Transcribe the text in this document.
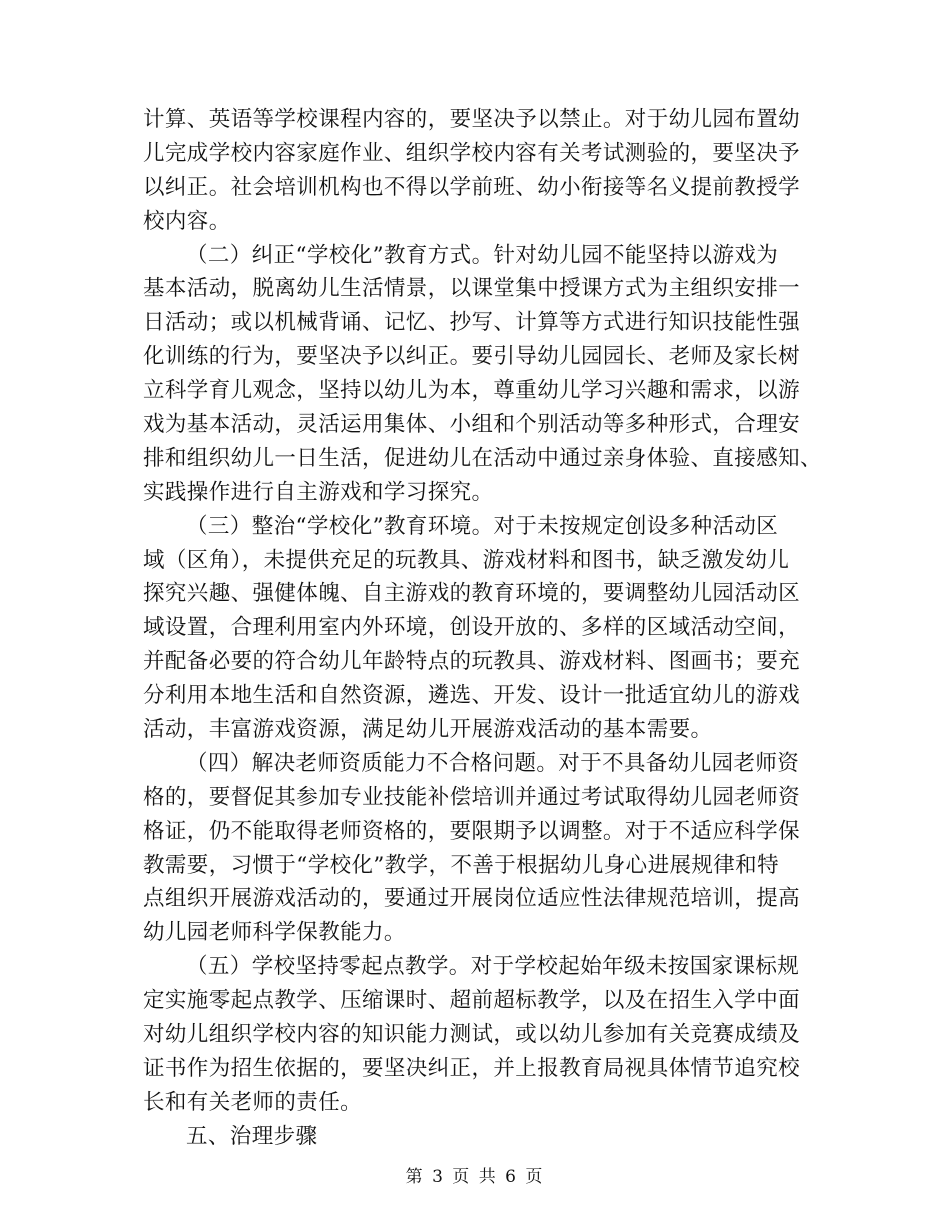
计算、英语等学校课程内容的，要坚决予以禁止。对于幼儿园布置幼
儿完成学校内容家庭作业、组织学校内容有关考试测验的，要坚决予
以纠正。社会培训机构也不得以学前班、幼小衔接等名义提前教授学
校内容。
（二）纠正“学校化”教育方式。针对幼儿园不能坚持以游戏为
基本活动，脱离幼儿生活情景，以课堂集中授课方式为主组织安排一
日活动；或以机械背诵、记忆、抄写、计算等方式进行知识技能性强
化训练的行为，要坚决予以纠正。要引导幼儿园园长、老师及家长树
立科学育儿观念，坚持以幼儿为本，尊重幼儿学习兴趣和需求，以游
戏为基本活动，灵活运用集体、小组和个别活动等多种形式，合理安
排和组织幼儿一日生活，促进幼儿在活动中通过亲身体验、直接感知、
实践操作进行自主游戏和学习探究。
（三）整治“学校化”教育环境。对于未按规定创设多种活动区
域（区角），未提供充足的玩教具、游戏材料和图书，缺乏激发幼儿
探究兴趣、强健体魄、自主游戏的教育环境的，要调整幼儿园活动区
域设置，合理利用室内外环境，创设开放的、多样的区域活动空间，
并配备必要的符合幼儿年龄特点的玩教具、游戏材料、图画书；要充
分利用本地生活和自然资源，遴选、开发、设计一批适宜幼儿的游戏
活动，丰富游戏资源，满足幼儿开展游戏活动的基本需要。
（四）解决老师资质能力不合格问题。对于不具备幼儿园老师资
格的，要督促其参加专业技能补偿培训并通过考试取得幼儿园老师资
格证，仍不能取得老师资格的，要限期予以调整。对于不适应科学保
教需要，习惯于“学校化”教学，不善于根据幼儿身心进展规律和特
点组织开展游戏活动的，要通过开展岗位适应性法律规范培训，提高
幼儿园老师科学保教能力。
（五）学校坚持零起点教学。对于学校起始年级未按国家课标规
定实施零起点教学、压缩课时、超前超标教学，以及在招生入学中面
对幼儿组织学校内容的知识能力测试，或以幼儿参加有关竞赛成绩及
证书作为招生依据的，要坚决纠正，并上报教育局视具体情节追究校
长和有关老师的责任。
五、治理步骤
第 3 页 共 6 页
